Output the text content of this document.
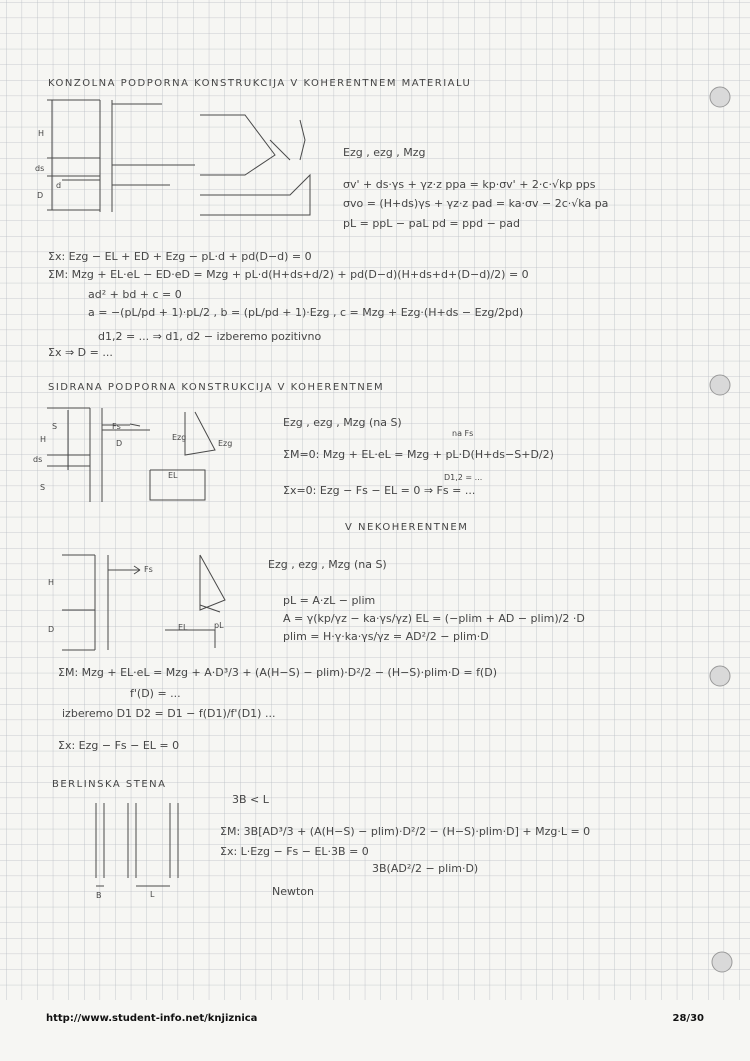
KONZOLNA PODPORNA KONSTRUKCIJA V KOHERENTNEM MATERIALU
H
ds
D
d
Ezg , ezg , Mzg
σv' + ds·γs + γz·z ppa = kp·σv' + 2·c·√kp pps
σvo = (H+ds)γs + γz·z pad = ka·σv − 2c·√ka pa
pL = ppL − paL pd = ppd − pad
Σx: Ezg − EL + ED + Ezg − pL·d + pd(D−d) = 0
ΣM: Mzg + EL·eL − ED·eD = Mzg + pL·d(H+ds+d/2) + pd(D−d)(H+ds+d+(D−d)/2) = 0
ad² + bd + c = 0
a = −(pL/pd + 1)·pL/2 , b = (pL/pd + 1)·Ezg , c = Mzg + Ezg·(H+ds − Ezg/2pd)
d1,2 = ... ⇒ d1, d2 − izberemo pozitivno
Σx ⇒ D = ...
SIDRANA PODPORNA KONSTRUKCIJA V KOHERENTNEM
S
H
ds
S
Fs
D
Ezg
Ezg
EL
Ezg , ezg , Mzg (na S)
na Fs
ΣM=0: Mzg + EL·eL = Mzg + pL·D(H+ds−S+D/2)
D1,2 = ...
Σx=0: Ezg − Fs − EL = 0 ⇒ Fs = ...
V NEKOHERENTNEM
H
D
Fs
EL	pL
Ezg , ezg , Mzg (na S)
pL = A·zL − plim
A = γ(kp/γz − ka·γs/γz) EL = (−plim + AD − plim)/2 ·D
plim = H·γ·ka·γs/γz = AD²/2 − plim·D
ΣM: Mzg + EL·eL = Mzg + A·D³/3 + (A(H−S) − plim)·D²/2 − (H−S)·plim·D = f(D)
f'(D) = ...
izberemo D1 D2 = D1 − f(D1)/f'(D1) ...
Σx: Ezg − Fs − EL = 0
BERLINSKA STENA
B	L
3B < L
ΣM: 3B[AD³/3 + (A(H−S) − plim)·D²/2 − (H−S)·plim·D] + Mzg·L = 0
Σx: L·Ezg − Fs − EL·3B = 0
3B(AD²/2 − plim·D)
Newton
http://www.student-info.net/knjiznica	28/30
